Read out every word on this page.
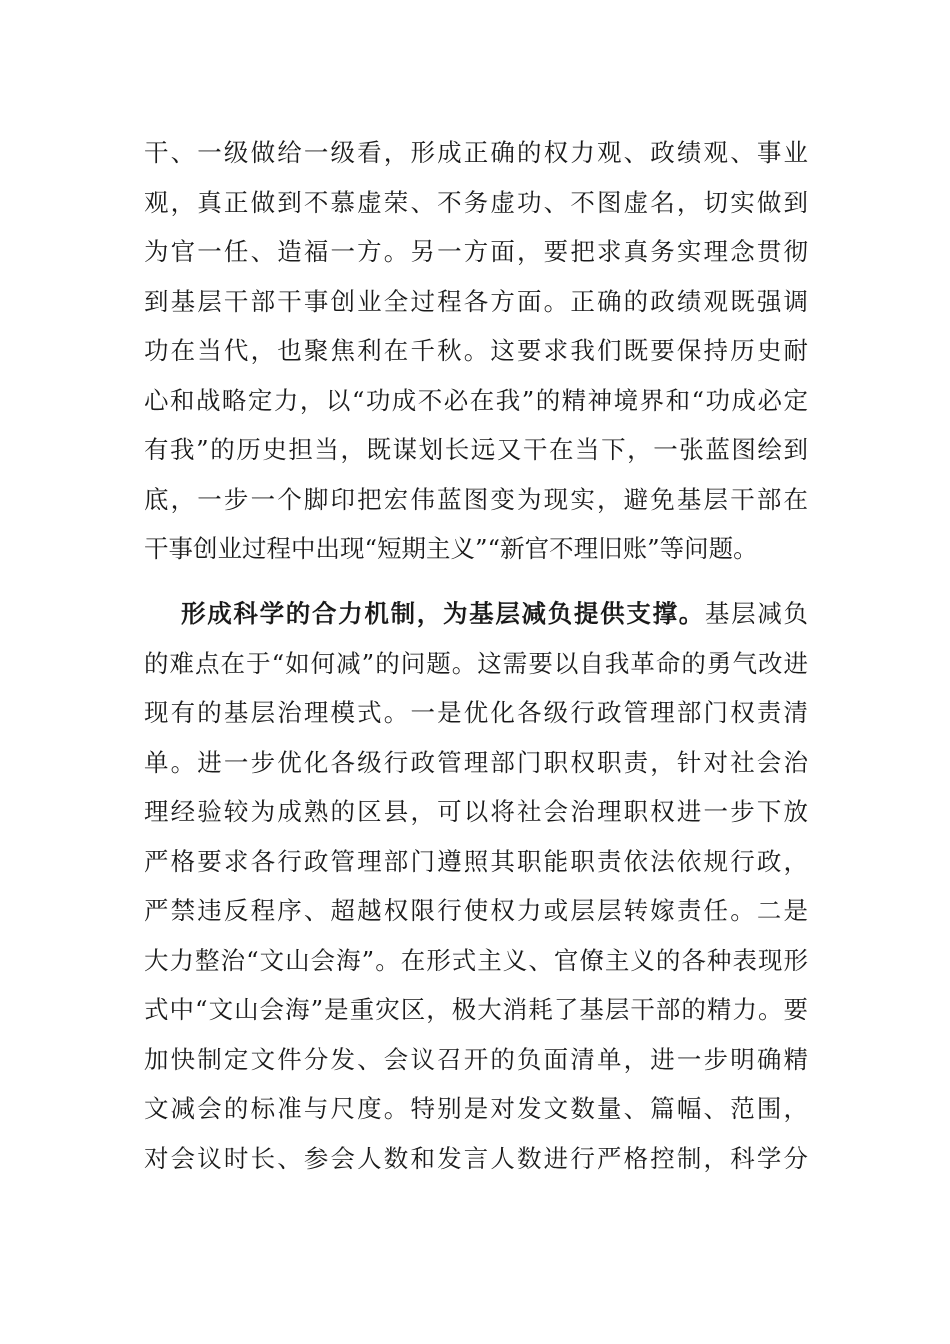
干、一级做给一级看，形成正确的权力观、政绩观、事业
观，真正做到不慕虚荣、不务虚功、不图虚名，切实做到
为官一任、造福一方。另一方面，要把求真务实理念贯彻
到基层干部干事创业全过程各方面。正确的政绩观既强调
功在当代，也聚焦利在千秋。这要求我们既要保持历史耐
心和战略定力，以“功成不必在我”的精神境界和“功成必定
有我”的历史担当，既谋划长远又干在当下，一张蓝图绘到
底，一步一个脚印把宏伟蓝图变为现实，避免基层干部在
干事创业过程中出现“短期主义”“新官不理旧账”等问题。
形成科学的合力机制，为基层减负提供支撑。基层减负
的难点在于“如何减”的问题。这需要以自我革命的勇气改进
现有的基层治理模式。一是优化各级行政管理部门权责清
单。进一步优化各级行政管理部门职权职责，针对社会治
理经验较为成熟的区县，可以将社会治理职权进一步下放
严格要求各行政管理部门遵照其职能职责依法依规行政，
严禁违反程序、超越权限行使权力或层层转嫁责任。二是
大力整治“文山会海”。在形式主义、官僚主义的各种表现形
式中“文山会海”是重灾区，极大消耗了基层干部的精力。要
加快制定文件分发、会议召开的负面清单，进一步明确精
文减会的标准与尺度。特别是对发文数量、篇幅、范围，
对会议时长、参会人数和发言人数进行严格控制，科学分
